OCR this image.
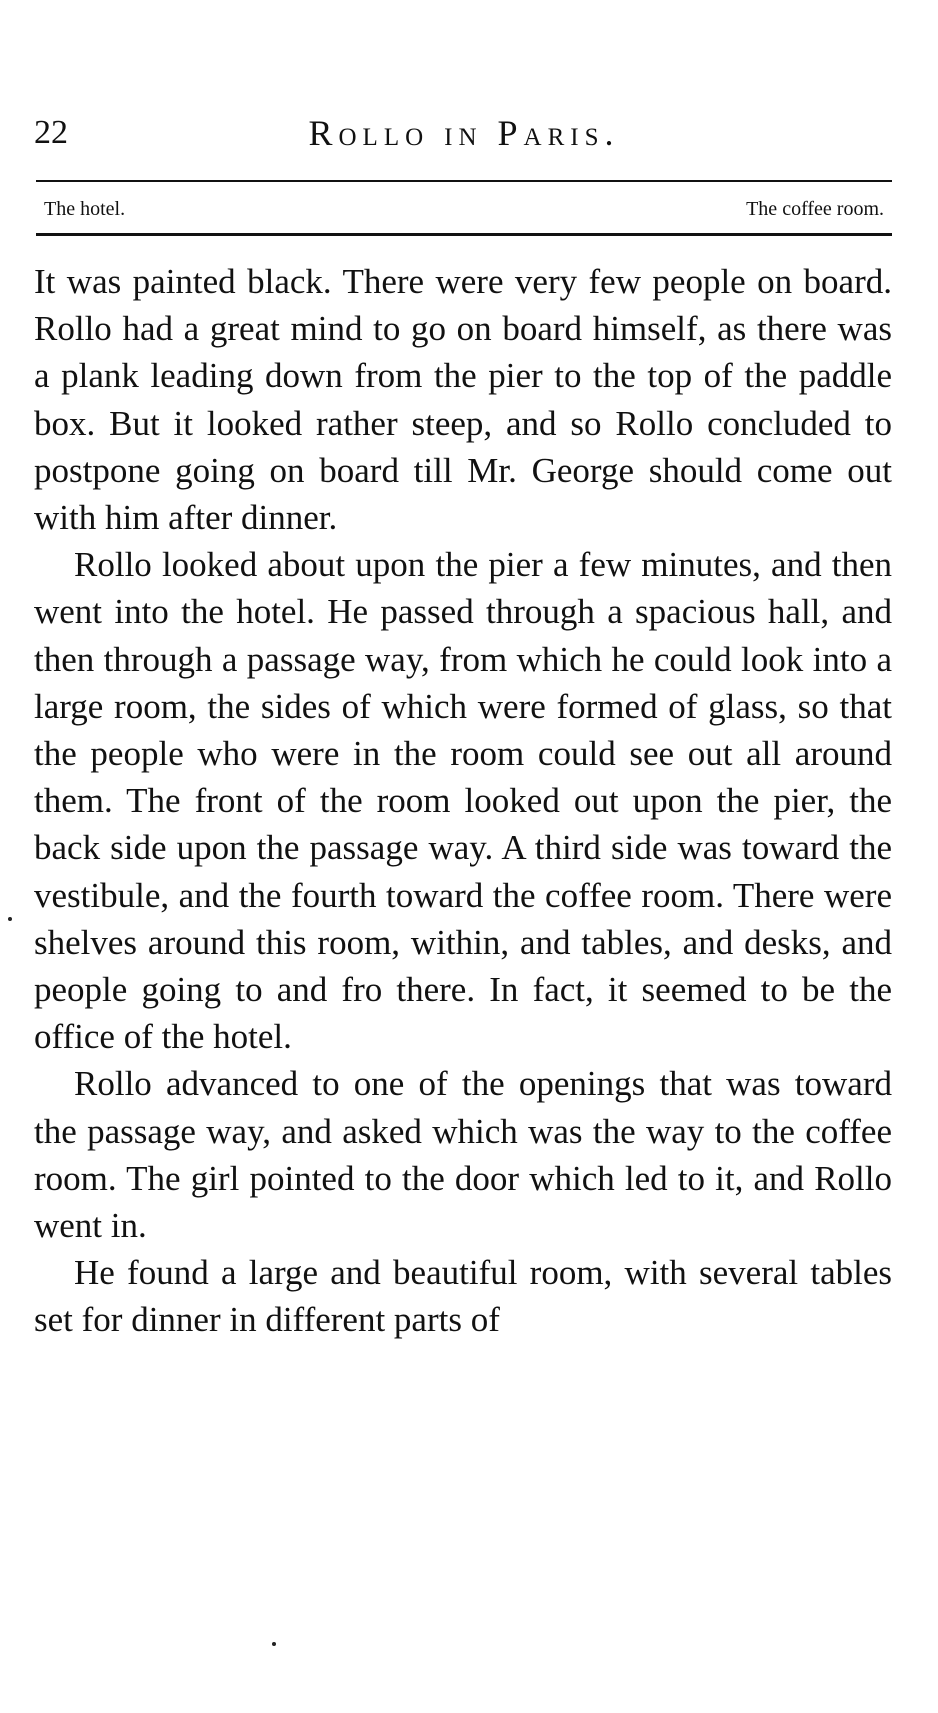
Rollo in Paris.
22
The hotel.	The coffee room.

It was painted black. There were very few people on board. Rollo had a great mind to go on board himself, as there was a plank leading down from the pier to the top of the paddle box. But it looked rather steep, and so Rollo concluded to postpone going on board till Mr. George should come out with him after dinner.

Rollo looked about upon the pier a few minutes, and then went into the hotel. He passed through a spacious hall, and then through a passage way, from which he could look into a large room, the sides of which were formed of glass, so that the people who were in the room could see out all around them. The front of the room looked out upon the pier, the back side upon the passage way. A third side was toward the vestibule, and the fourth toward the coffee room. There were shelves around this room, within, and tables, and desks, and people going to and fro there. In fact, it seemed to be the office of the hotel.

Rollo advanced to one of the openings that was toward the passage way, and asked which was the way to the coffee room. The girl pointed to the door which led to it, and Rollo went in.

He found a large and beautiful room, with several tables set for dinner in different parts of
